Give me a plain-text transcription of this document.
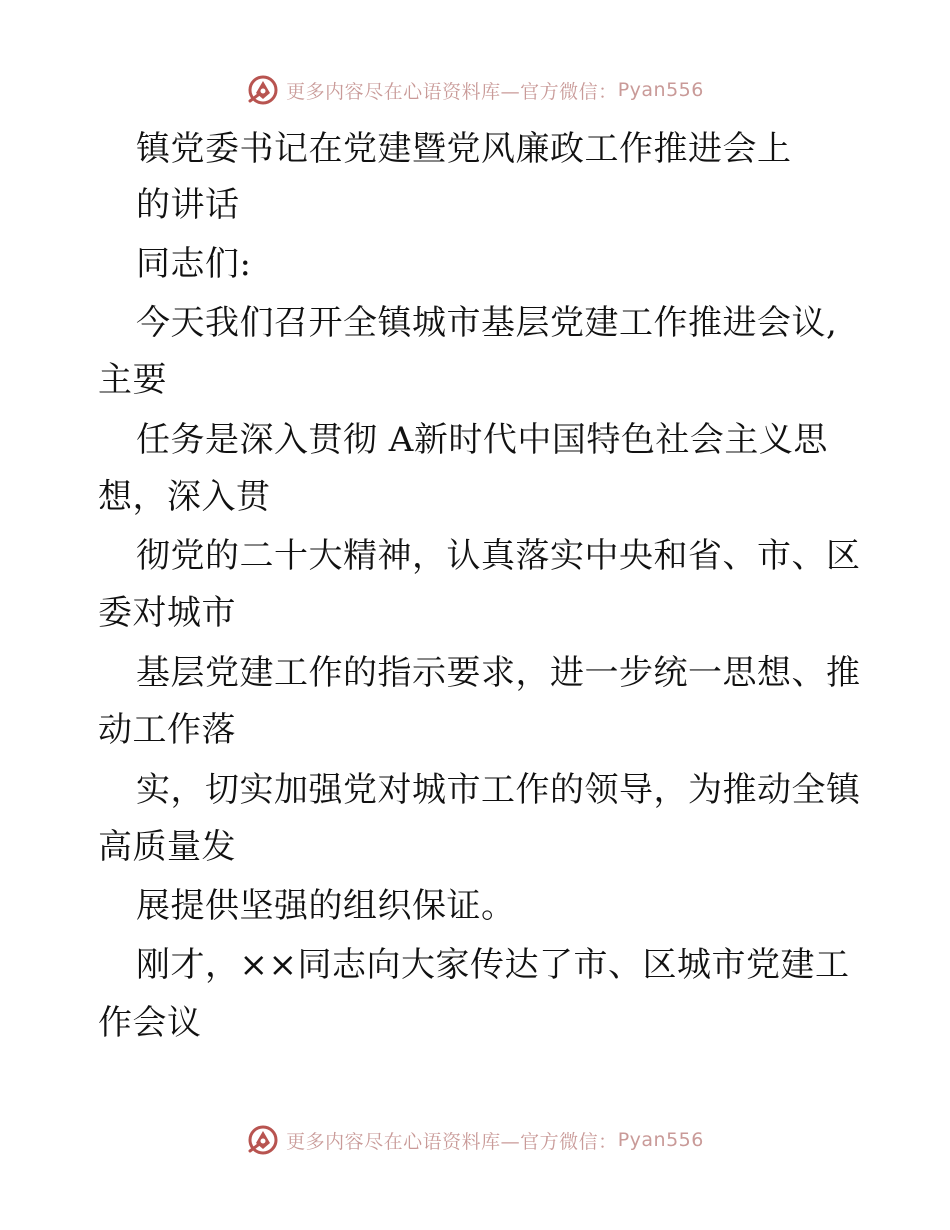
更多内容尽在心语资料库— 官方微信： Pyan556
镇党委书记在党建暨党风廉政工作推进会上
的讲话
同志们:
今天我们召开全镇城市基层党建工作推进会议,
主要
任务是深入贯彻 A新时代中国特色社会主义思
想，深入贯
彻党的二十大精神，认真落实中央和省、市、区
委对城市
基层党建工作的指示要求，进一步统一思想、推
动工作落
实，切实加强党对城市工作的领导，为推动全镇
高质量发
展提供坚强的组织保证。
刚才，××同志向大家传达了市、区城市党建工
作会议
更多内容尽在心语资料库— 官方微信： Pyan556
